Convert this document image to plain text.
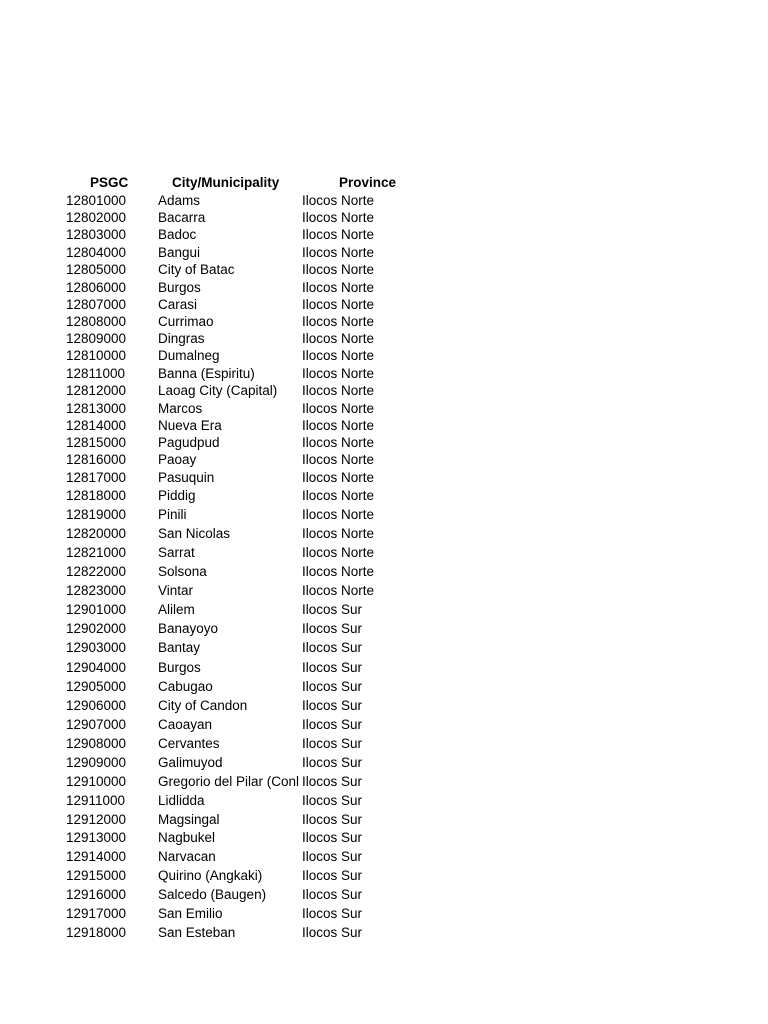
PSGC	City/Municipality	Province
12801000	Adams	Ilocos Norte
12802000	Bacarra	Ilocos Norte
12803000	Badoc	Ilocos Norte
12804000	Bangui	Ilocos Norte
12805000	City of Batac	Ilocos Norte
12806000	Burgos	Ilocos Norte
12807000	Carasi	Ilocos Norte
12808000	Currimao	Ilocos Norte
12809000	Dingras	Ilocos Norte
12810000	Dumalneg	Ilocos Norte
12811000	Banna (Espiritu)	Ilocos Norte
12812000	Laoag City (Capital)	Ilocos Norte
12813000	Marcos	Ilocos Norte
12814000	Nueva Era	Ilocos Norte
12815000	Pagudpud	Ilocos Norte
12816000	Paoay	Ilocos Norte
12817000	Pasuquin	Ilocos Norte
12818000	Piddig	Ilocos Norte
12819000	Pinili	Ilocos Norte
12820000	San Nicolas	Ilocos Norte
12821000	Sarrat	Ilocos Norte
12822000	Solsona	Ilocos Norte
12823000	Vintar	Ilocos Norte
12901000	Alilem	Ilocos Sur
12902000	Banayoyo	Ilocos Sur
12903000	Bantay	Ilocos Sur
12904000	Burgos	Ilocos Sur
12905000	Cabugao	Ilocos Sur
12906000	City of Candon	Ilocos Sur
12907000	Caoayan	Ilocos Sur
12908000	Cervantes	Ilocos Sur
12909000	Galimuyod	Ilocos Sur
12910000	Gregorio del Pilar (Conl Ilocos Sur
12911000	Lidlidda	Ilocos Sur
12912000	Magsingal	Ilocos Sur
12913000	Nagbukel	Ilocos Sur
12914000	Narvacan	Ilocos Sur
12915000	Quirino (Angkaki)	Ilocos Sur
12916000	Salcedo (Baugen)	Ilocos Sur
12917000	San Emilio	Ilocos Sur
12918000	San Esteban	Ilocos Sur
